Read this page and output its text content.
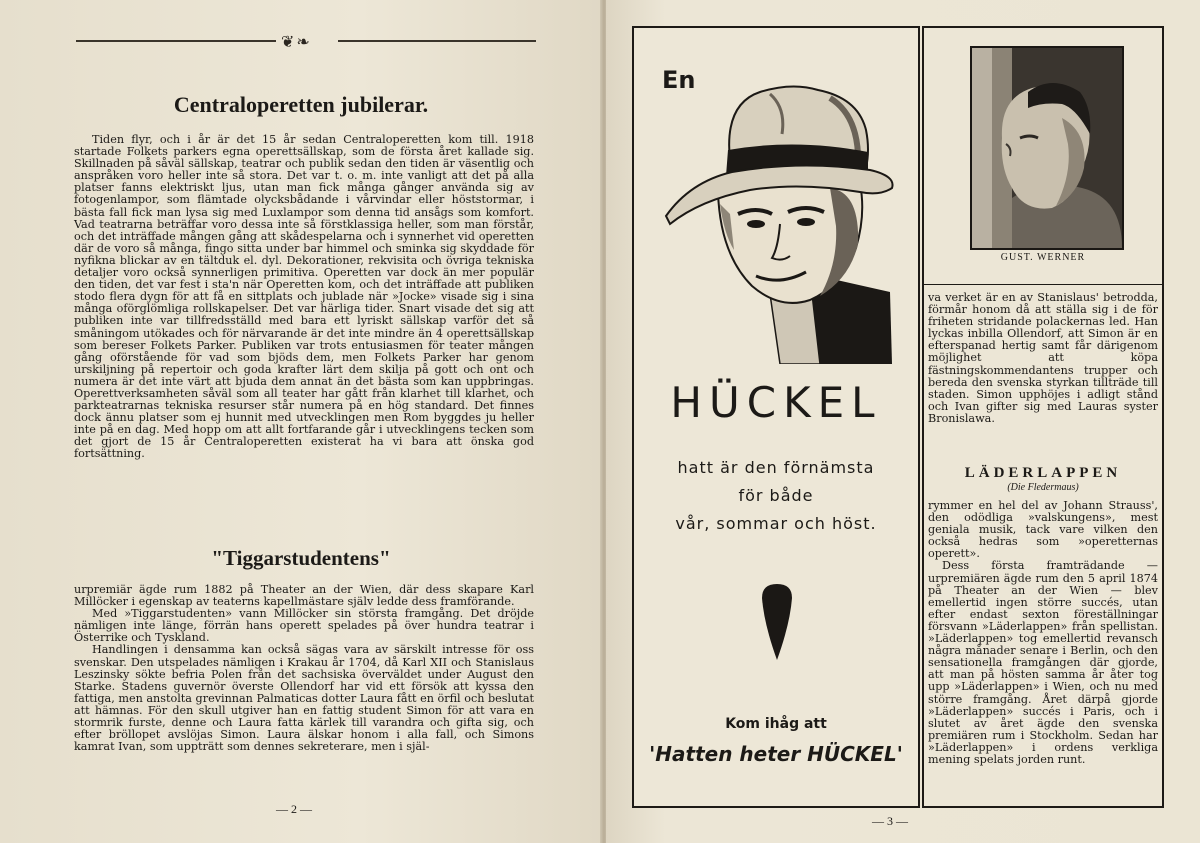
❦❧
Centraloperetten jubilerar.

Tiden flyr, och i år är det 15 år sedan Centraloperetten kom till. 1918 startade Folkets parkers egna operettsällskap, som de första året kallade sig. Skillnaden på såväl sällskap, teatrar och publik sedan den tiden är väsentlig och anspråken voro heller inte så stora. Det var t. o. m. inte vanligt att det på alla platser fanns elektriskt ljus, utan man fick många gånger använda sig av fotogenlampor, som flämtade olycksbådande i vårvindar eller höststormar, i bästa fall fick man lysa sig med Luxlampor som denna tid ansågs som komfort. Vad teatrarna beträffar voro dessa inte så förstklassiga heller, som man förstår, och det inträffade mången gång att skådespelarna och i synnerhet vid operetten där de voro så många, fingo sitta under bar himmel och sminka sig skyddade för nyfikna blickar av en tältduk el. dyl. Dekorationer, rekvisita och övriga tekniska detaljer voro också synnerligen primitiva. Operetten var dock än mer populär den tiden, det var fest i sta'n när Operetten kom, och det inträffade att publiken stodo flera dygn för att få en sittplats och jublade när »Jocke» visade sig i sina många oförglömliga rollskapelser. Det var härliga tider. Snart visade det sig att publiken inte var tillfredsställd med bara ett lyriskt sällskap varför det så småningom utökades och för närvarande är det inte mindre än 4 operettsällskap som bereser Folkets Parker. Publiken var trots entusiasmen för teater mången gång oförstående för vad som bjöds dem, men Folkets Parker har genom urskiljning på repertoir och goda krafter lärt dem skilja på gott och ont och numera är det inte värt att bjuda dem annat än det bästa som kan uppbringas. Operettverksamheten såväl som all teater har gått från klarhet till klarhet, och parkteatrarnas tekniska resurser står numera på en hög standard. Det finnes dock ännu platser som ej hunnit med utvecklingen men Rom byggdes ju heller inte på en dag. Med hopp om att allt fortfarande går i utvecklingens tecken som det gjort de 15 år Centraloperetten existerat ha vi bara att önska god fortsättning.

"Tiggarstudentens"

urpremiär ägde rum 1882 på Theater an der Wien, där dess skapare Karl Millöcker i egenskap av teaterns kapellmästare själv ledde dess framförande.

Med »Tiggarstudenten» vann Millöcker sin största framgång. Det dröjde nämligen inte länge, förrän hans operett spelades på över hundra teatrar i Österrike och Tyskland.

Handlingen i densamma kan också sägas vara av särskilt intresse för oss svenskar. Den utspelades nämligen i Krakau år 1704, då Karl XII och Stanislaus Leszinsky sökte befria Polen från det sachsiska överväldet under August den Starke. Stadens guvernör överste Ollendorf har vid ett försök att kyssa den fattiga, men anstolta grevinnan Palmaticas dotter Laura fått en örfil och beslutat att hämnas. För den skull utgiver han en fattig student Simon för att vara en stormrik furste, denne och Laura fatta kärlek till varandra och gifta sig, och efter bröllopet avslöjas Simon. Laura älskar honom i alla fall, och Simons kamrat Ivan, som uppträtt som dennes sekreterare, men i själ-

— 2 —
— 3 —
En
HÜCKEL
hatt är den förnämsta
för både
vår, sommar och höst.
Kom ihåg att
'Hatten heter HÜCKEL'
GUST. WERNER

va verket är en av Stanislaus' betrodda, förmår honom då att ställa sig i de för friheten stridande polackernas led. Han lyckas inbilla Ollendorf, att Simon är en efterspanad hertig samt får därigenom möjlighet att köpa fästningskommendantens trupper och bereda den svenska styrkan tillträde till staden. Simon upphöjes i adligt stånd och Ivan gifter sig med Lauras syster Bronislawa.

LÄDERLAPPEN
(Die Fledermaus)

rymmer en hel del av Johann Strauss', den odödliga »valskungens», mest geniala musik, tack vare vilken den också hedras som »operetternas operett».

Dess första framträdande — urpremiären ägde rum den 5 april 1874 på Theater an der Wien — blev emellertid ingen större succés, utan efter endast sexton föreställningar försvann »Läderlappen» från spellistan. »Läderlappen» tog emellertid revansch några månader senare i Berlin, och den sensationella framgången där gjorde, att man på hösten samma år åter tog upp »Läderlappen» i Wien, och nu med större framgång. Året därpå gjorde »Läderlappen» succés i Paris, och i slutet av året ägde den svenska premiären rum i Stockholm. Sedan har »Läderlappen» i ordens verkliga mening spelats jorden runt.
